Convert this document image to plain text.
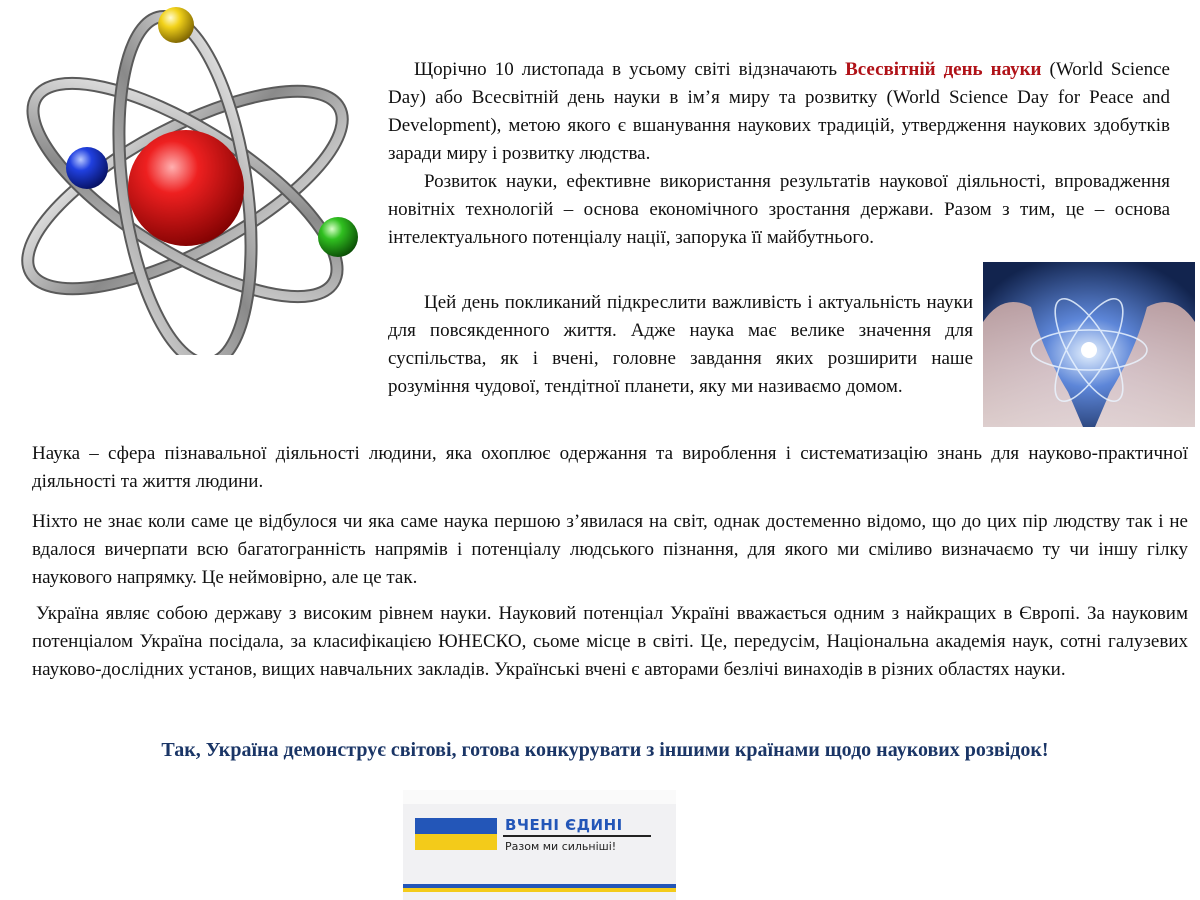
Щорічно 10 листопада в усьому світі відзначають Всесвітній день науки (World Science Day) або Всесвітній день науки в ім’я миру та розвитку (World Science Day for Peace and Development), метою якого є вшанування наукових традицій, утвердження наукових здобутків заради миру і розвитку людства.

Розвиток науки, ефективне використання результатів наукової діяльності, впровадження новітніх технологій – основа економічного зростання держави. Разом з тим, це – основа інтелектуального потенціалу нації, запорука її майбутнього.

Цей день покликаний підкреслити важливість і актуальність науки для повсякденного життя. Адже наука має велике значення для суспільства, як і вчені, головне завдання яких розширити наше розуміння чудової, тендітної планети, яку ми називаємо домом.

Наука – сфера пізнавальної діяльності людини, яка охоплює одержання та вироблення і систематизацію знань для науково-практичної діяльності та життя людини.

Ніхто не знає коли саме це відбулося чи яка саме наука першою з’явилася на світ, однак достеменно відомо, що до цих пір людству так і не вдалося вичерпати всю багатогранність напрямів і потенціалу людського пізнання, для якого ми сміливо визначаємо ту чи іншу гілку наукового напрямку. Це неймовірно, але це так.

Україна являє собою державу з високим рівнем науки. Науковий потенціал Україні вважається одним з найкращих в Європі. За науковим потенціалом Україна посідала, за класифікацією ЮНЕСКО, сьоме місце в світі. Це, передусім, Національна академія наук, сотні галузевих науково-дослідних установ, вищих навчальних закладів. Українські вчені є авторами безлічі винаходів в різних областях науки.

Так, Україна демонструє світові, готова конкурувати з іншими країнами щодо наукових розвідок!

ВЧЕНІ ЄДИНІ
Разом ми сильніші!
